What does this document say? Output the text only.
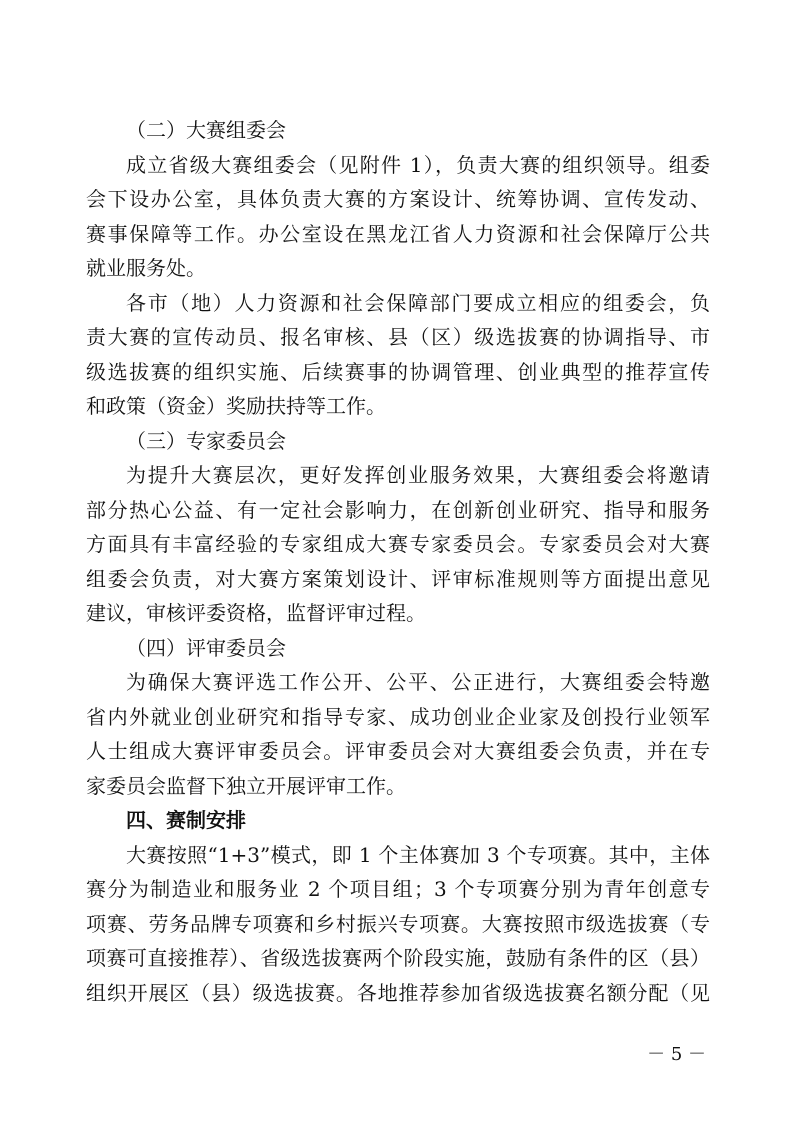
（二）大赛组委会
成立省级大赛组委会（见附件 1），负责大赛的组织领导。组委
会下设办公室，具体负责大赛的方案设计、统筹协调、宣传发动、
赛事保障等工作。办公室设在黑龙江省人力资源和社会保障厅公共
就业服务处。
各市（地）人力资源和社会保障部门要成立相应的组委会，负
责大赛的宣传动员、报名审核、县（区）级选拔赛的协调指导、市
级选拔赛的组织实施、后续赛事的协调管理、创业典型的推荐宣传
和政策（资金）奖励扶持等工作。
（三）专家委员会
为提升大赛层次，更好发挥创业服务效果，大赛组委会将邀请
部分热心公益、有一定社会影响力，在创新创业研究、指导和服务
方面具有丰富经验的专家组成大赛专家委员会。专家委员会对大赛
组委会负责，对大赛方案策划设计、评审标准规则等方面提出意见
建议，审核评委资格，监督评审过程。
（四）评审委员会
为确保大赛评选工作公开、公平、公正进行，大赛组委会特邀
省内外就业创业研究和指导专家、成功创业企业家及创投行业领军
人士组成大赛评审委员会。评审委员会对大赛组委会负责，并在专
家委员会监督下独立开展评审工作。
四、赛制安排
大赛按照“1+3”模式，即 1 个主体赛加 3 个专项赛。其中，主体
赛分为制造业和服务业 2 个项目组；3 个专项赛分别为青年创意专
项赛、劳务品牌专项赛和乡村振兴专项赛。大赛按照市级选拔赛（专
项赛可直接推荐）、省级选拔赛两个阶段实施，鼓励有条件的区（县）
组织开展区（县）级选拔赛。各地推荐参加省级选拔赛名额分配（见
－ 5 －
